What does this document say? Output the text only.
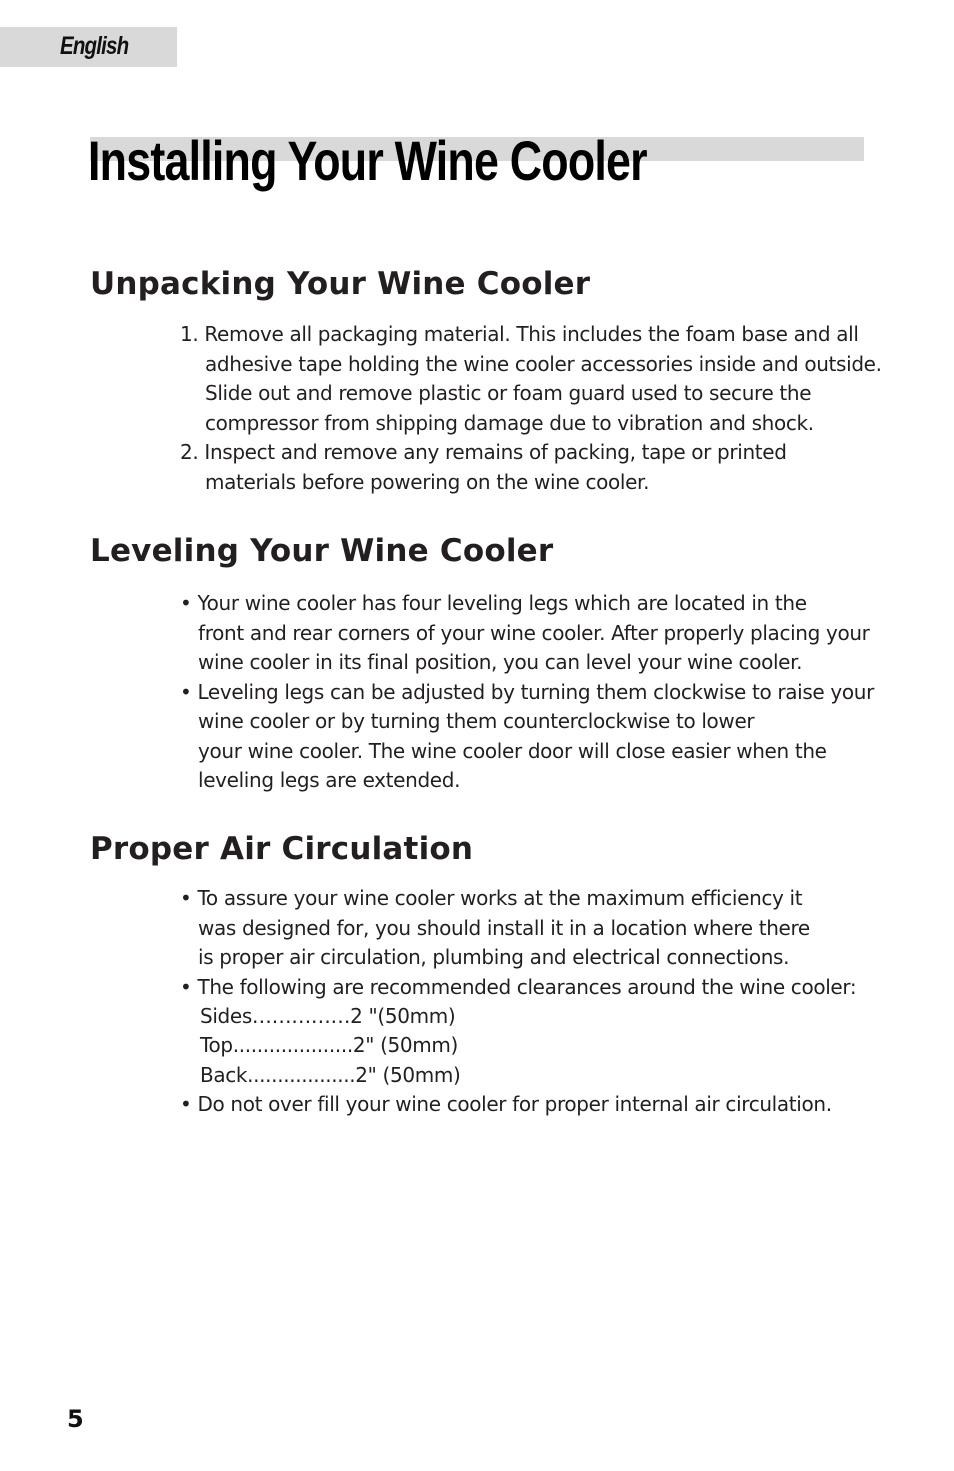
English
Installing Your Wine Cooler
Unpacking Your Wine Cooler
1. Remove all packaging material. This includes the foam base and all
adhesive tape holding the wine cooler accessories inside and outside.
Slide out and remove plastic or foam guard used to secure the
compressor from shipping damage due to vibration and shock.
2. Inspect and remove any remains of packing, tape or printed
materials before powering on the wine cooler.
Leveling Your Wine Cooler
• Your wine cooler has four leveling legs which are located in the
front and rear corners of your wine cooler. After properly placing your
wine cooler in its final position, you can level your wine cooler.
• Leveling legs can be adjusted by turning them clockwise to raise your
wine cooler or by turning them counterclockwise to lower
your wine cooler. The wine cooler door will close easier when the
leveling legs are extended.
Proper Air Circulation
• To assure your wine cooler works at the maximum efficiency it
was designed for, you should install it in a location where there
is proper air circulation, plumbing and electrical connections.
• The following are recommended clearances around the wine cooler:
Sides……………2 "(50mm)
Top....................2" (50mm)
Back..................2" (50mm)
• Do not over fill your wine cooler for proper internal air circulation.
5
